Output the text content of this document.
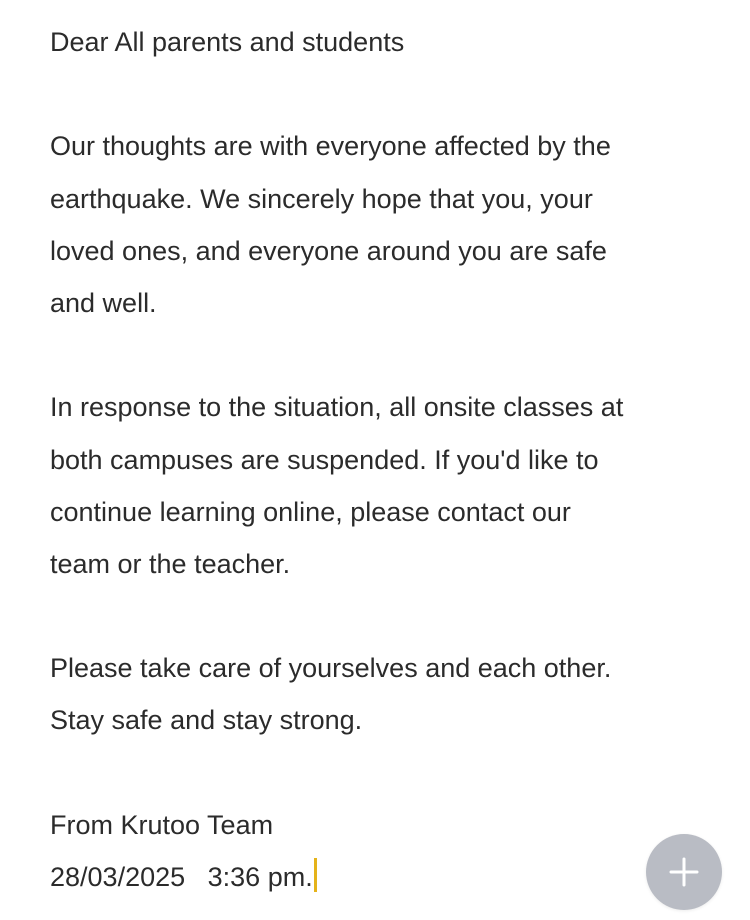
Dear All parents and students
Our thoughts are with everyone affected by the
earthquake. We sincerely hope that you, your
loved ones, and everyone around you are safe
and well.
In response to the situation, all onsite classes at
both campuses are suspended. If you'd like to
continue learning online, please contact our
team or the teacher.
Please take care of yourselves and each other.
Stay safe and stay strong.
From Krutoo Team
28/03/2025   3:36 pm.
